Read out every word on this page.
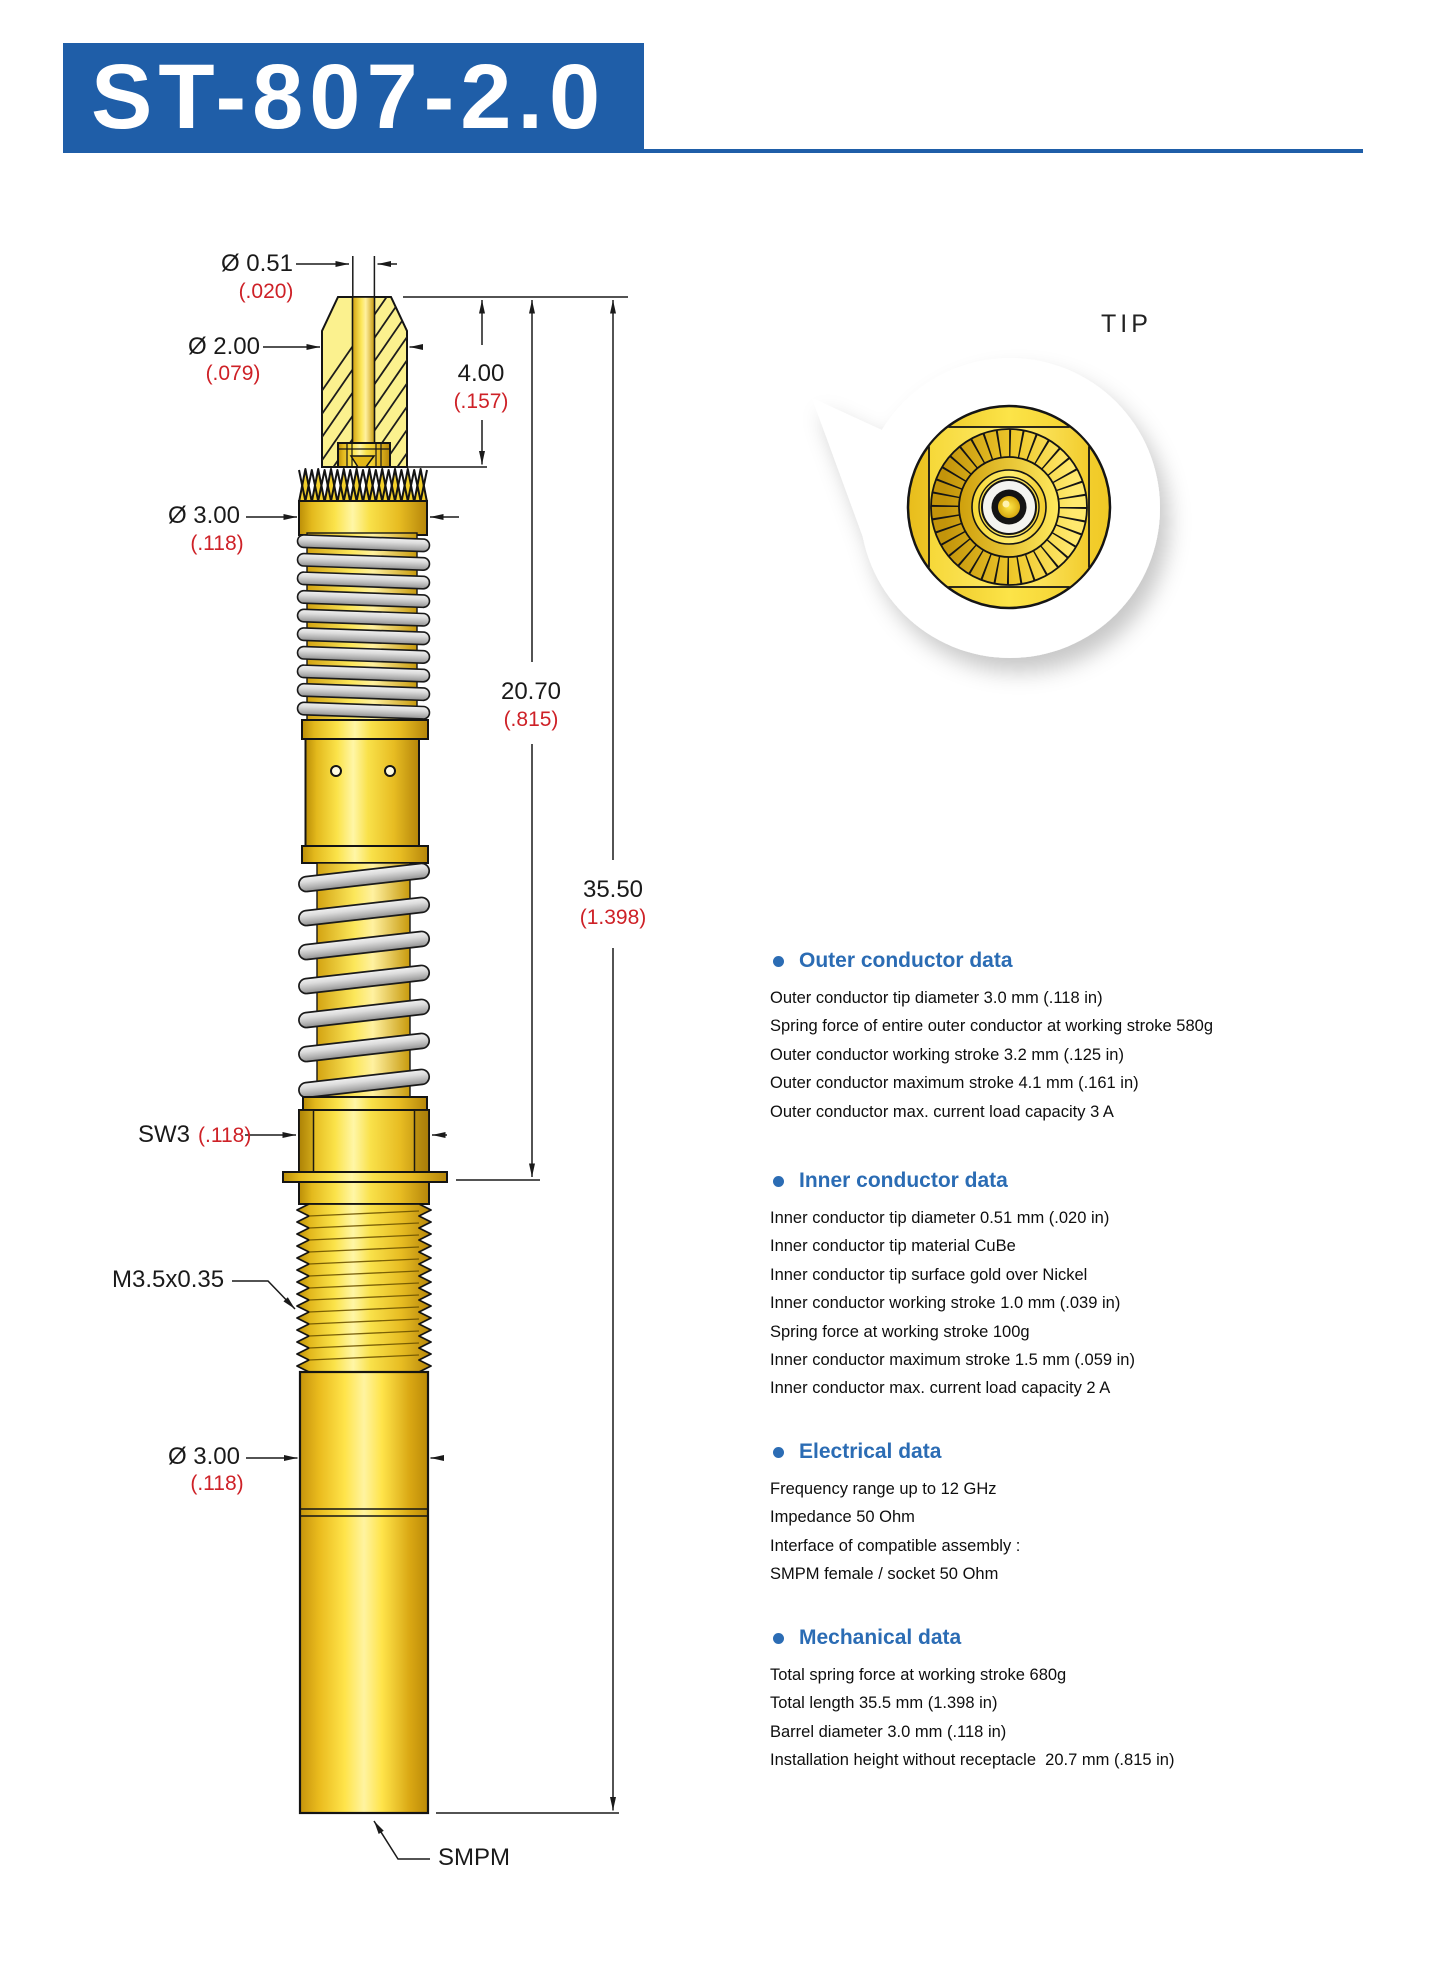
ST-807-2.0
Ø 0.51
(.020)
Ø 2.00
(.079)
Ø 3.00
(.118)
4.00
(.157)
20.70
(.815)
35.50
(1.398)
SW3 (.118)
M3.5x0.35
Ø 3.00
(.118)
SMPM
TIP
Outer conductor data
Outer conductor tip diameter 3.0 mm (.118 in)
Spring force of entire outer conductor at working stroke 580g
Outer conductor working stroke 3.2 mm (.125 in)
Outer conductor maximum stroke 4.1 mm (.161 in)
Outer conductor max. current load capacity 3 A
Inner conductor data
Inner conductor tip diameter 0.51 mm (.020 in)
Inner conductor tip material CuBe
Inner conductor tip surface gold over Nickel
Inner conductor working stroke 1.0 mm (.039 in)
Spring force at working stroke 100g
Inner conductor maximum stroke 1.5 mm (.059 in)
Inner conductor max. current load capacity 2 A
Electrical data
Frequency range up to 12 GHz
Impedance 50 Ohm
Interface of compatible assembly :
SMPM female / socket 50 Ohm
Mechanical data
Total spring force at working stroke 680g
Total length 35.5 mm (1.398 in)
Barrel diameter 3.0 mm (.118 in)
Installation height without receptacle  20.7 mm (.815 in)
